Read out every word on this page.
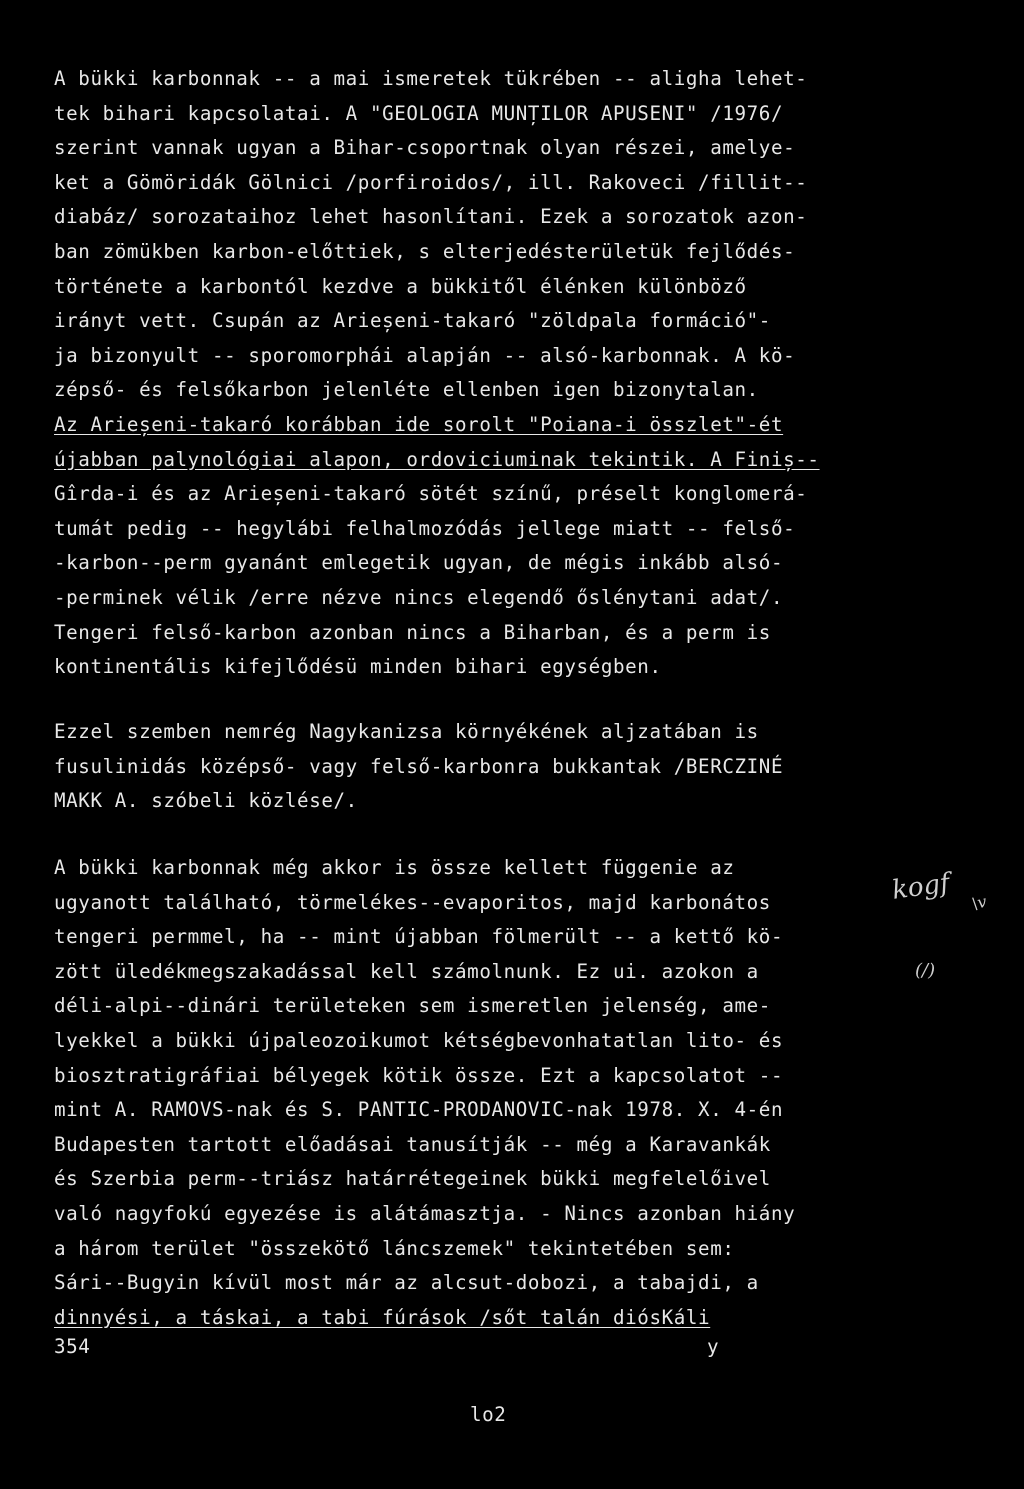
A bükki karbonnak -- a mai ismeretek tükrében -- aligha lehet-
tek bihari kapcsolatai. A "GEOLOGIA MUNȚILOR APUSENI" /1976/
szerint vannak ugyan a Bihar-csoportnak olyan részei, amelye-
ket a Gömöridák Gölnici /porfiroidos/, ill. Rakoveci /fillit--
diabáz/ sorozataihoz lehet hasonlítani. Ezek a sorozatok azon-
ban zömükben karbon-előttiek, s elterjedésterületük fejlődés-
története a karbontól kezdve a bükkitől élénken különböző
irányt vett. Csupán az Arieșeni-takaró "zöldpala formáció"-
ja bizonyult -- sporomorphái alapján -- alsó-karbonnak. A kö-
zépső- és felsőkarbon jelenléte ellenben igen bizonytalan.
Az Arieșeni-takaró korábban ide sorolt "Poiana-i összlet"-ét
újabban palynológiai alapon, ordoviciuminak tekintik. A Finiș--
Gîrda-i és az Arieșeni-takaró sötét színű, préselt konglomerá-
tumát pedig -- hegylábi felhalmozódás jellege miatt -- felső-
-karbon--perm gyanánt emlegetik ugyan, de mégis inkább alsó-
-perminek vélik /erre nézve nincs elegendő őslénytani adat/.
Tengeri felső-karbon azonban nincs a Biharban, és a perm is
kontinentális kifejlődésü minden bihari egységben.
Ezzel szemben nemrég Nagykanizsa környékének aljzatában is
fusulinidás középső- vagy felső-karbonra bukkantak /BERCZINÉ
MAKK A. szóbeli közlése/.
A bükki karbonnak még akkor is össze kellett függenie az
ugyanott található, törmelékes--evaporitos, majd karbonátos
tengeri permmel, ha -- mint újabban fölmerült -- a kettő kö-
zött üledékmegszakadással kell számolnunk. Ez ui. azokon a
déli-alpi--dinári területeken sem ismeretlen jelenség, ame-
lyekkel a bükki újpaleozoikumot kétségbevonhatatlan lito- és
biosztratigráfiai bélyegek kötik össze. Ezt a kapcsolatot --
mint A. RAMOVS-nak és S. PANTIC-PRODANOVIC-nak 1978. X. 4-én
Budapesten tartott előadásai tanusítják -- még a Karavankák
és Szerbia perm--triász határrétegeinek bükki megfelelőivel
való nagyfokú egyezése is alátámasztja. - Nincs azonban hiány
a három terület "összekötő láncszemek" tekintetében sem:
Sári--Bugyin kívül most már az alcsut-dobozi, a tabajdi, a
dinnyési, a táskai, a tabi fúrások /sőt talán diósKáli
kogf \v
(/)
354	y
lo2
